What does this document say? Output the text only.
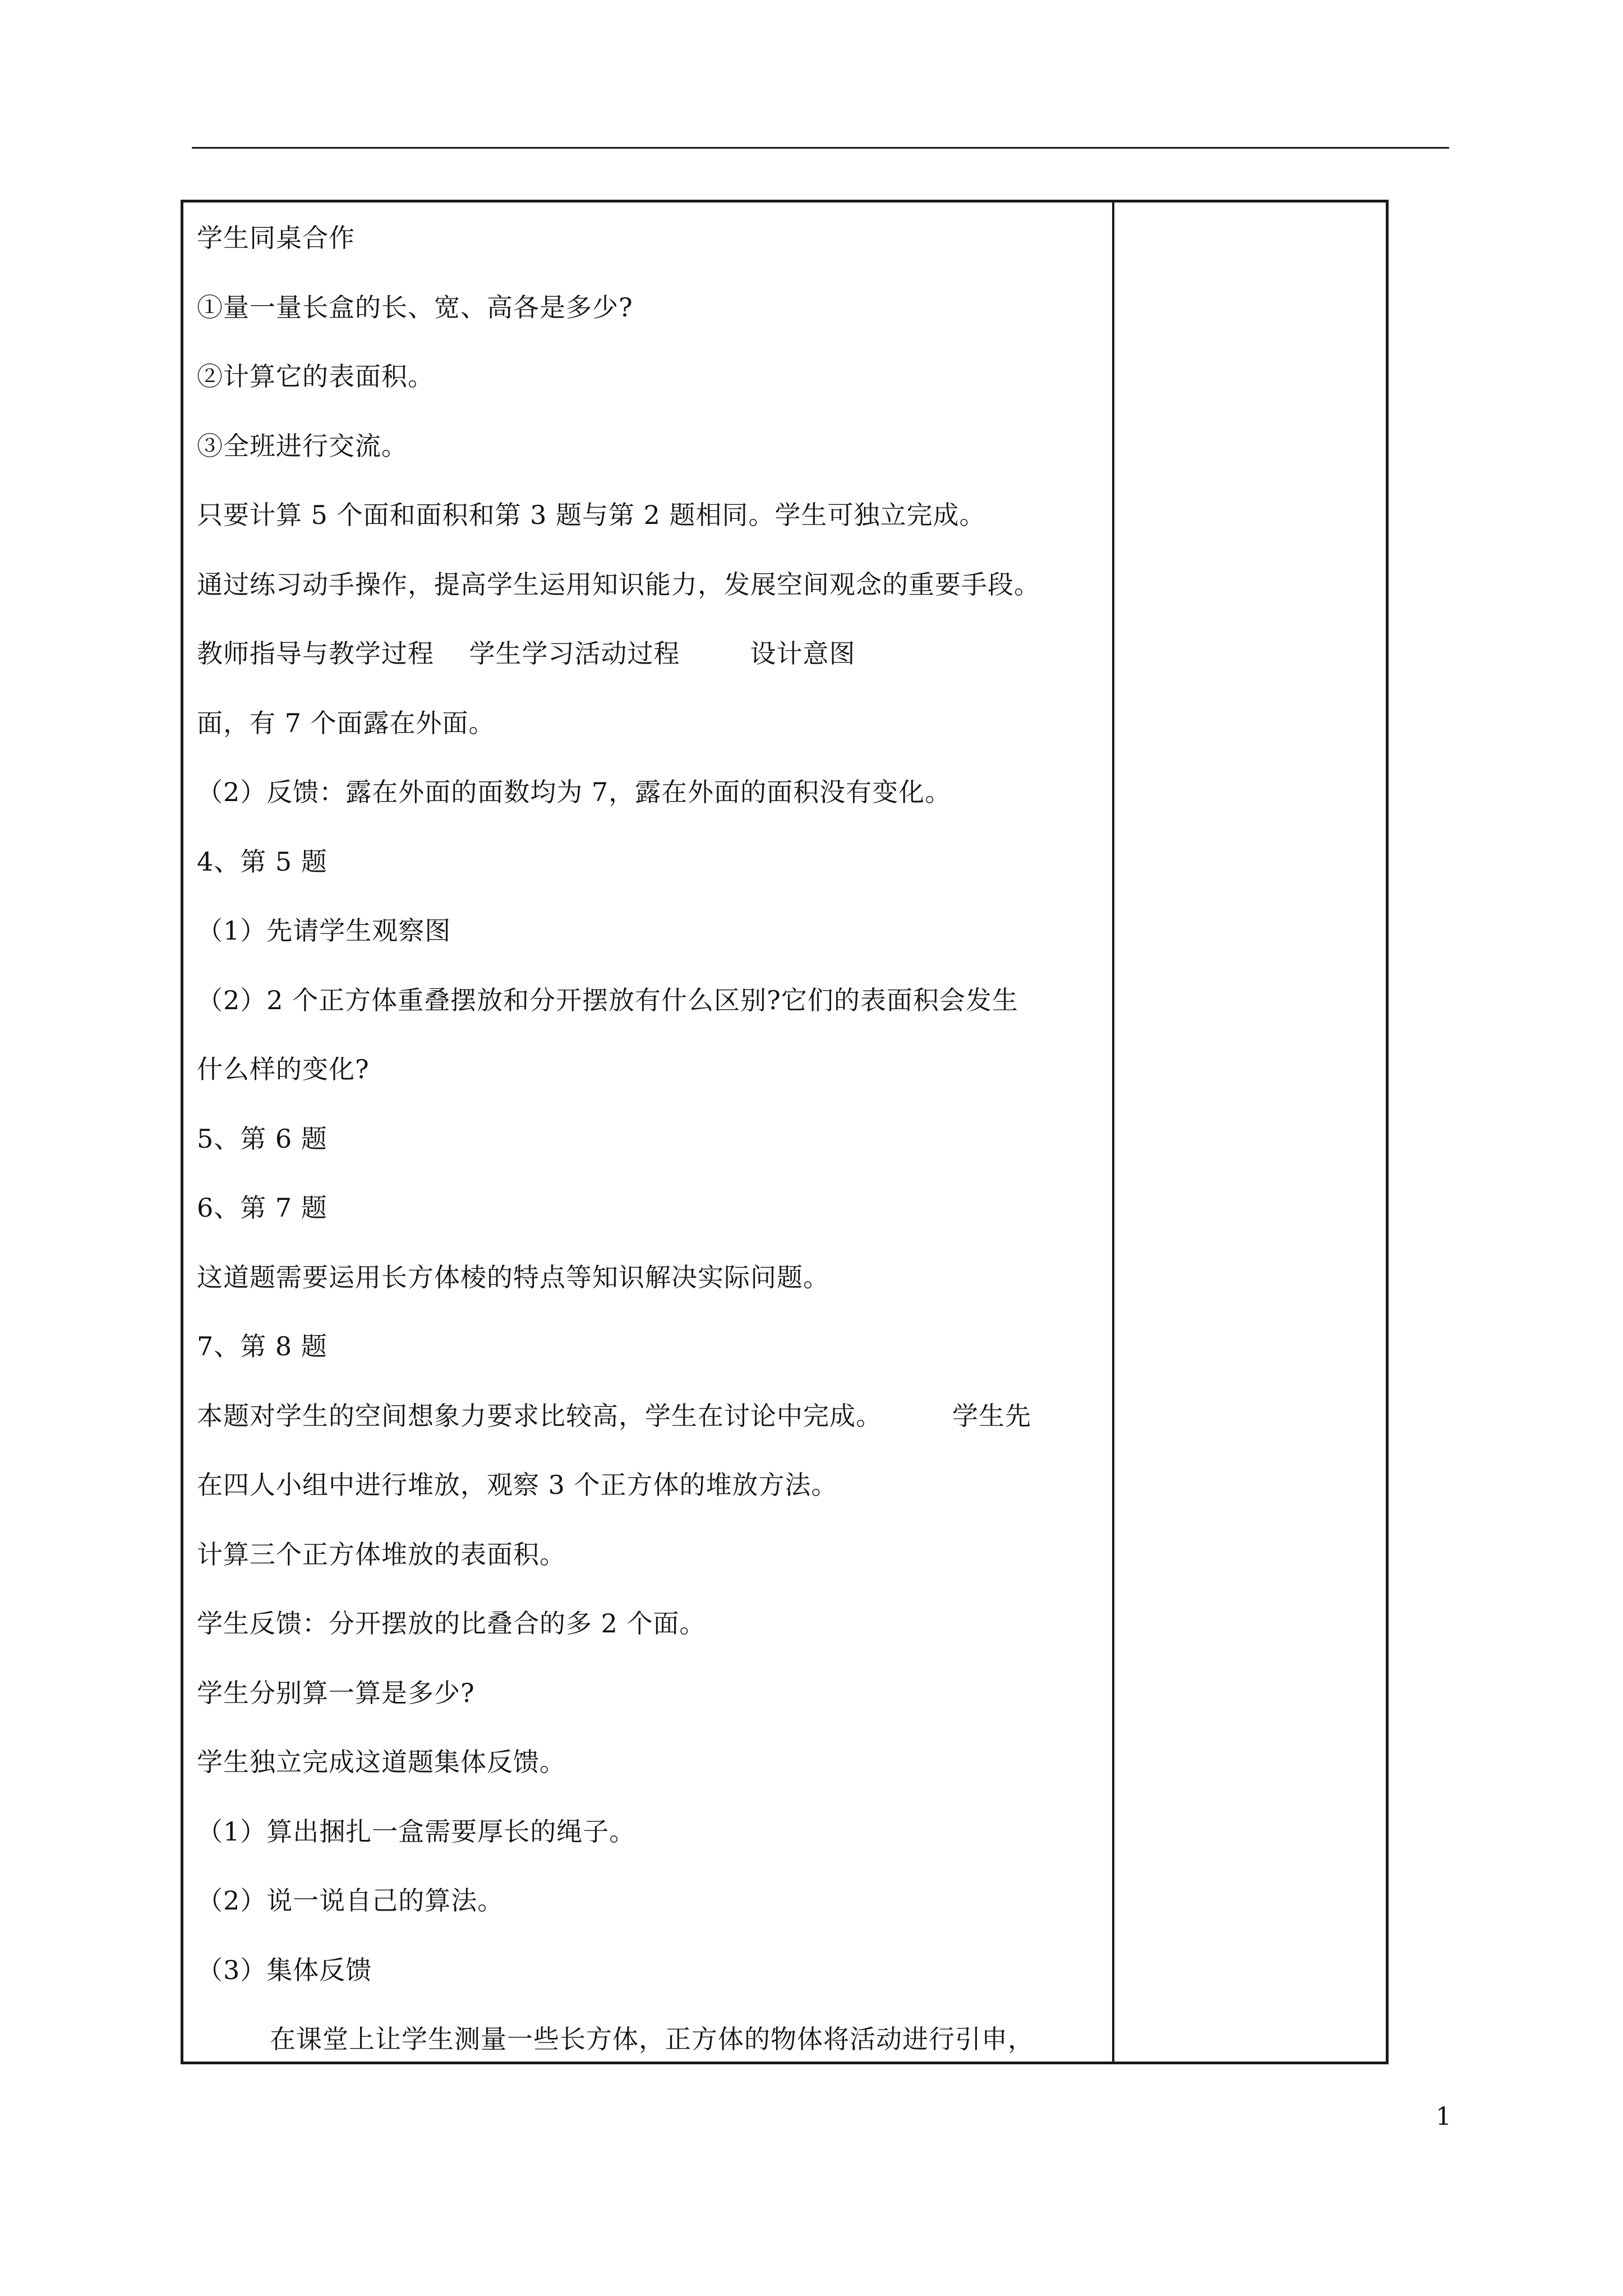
学生同桌合作
①量一量长盒的长、宽、高各是多少?
②计算它的表面积。
③全班进行交流。
只要计算 5 个面和面积和第 3 题与第 2 题相同。学生可独立完成。
通过练习动手操作，提高学生运用知识能力，发展空间观念的重要手段。
教师指导与教学过程    学生学习活动过程        设计意图
面，有 7 个面露在外面。
（2）反馈：露在外面的面数均为 7，露在外面的面积没有变化。
4、第 5 题
（1）先请学生观察图
（2）2 个正方体重叠摆放和分开摆放有什么区别?它们的表面积会发生
什么样的变化?
5、第 6 题
6、第 7 题
这道题需要运用长方体棱的特点等知识解决实际问题。
7、第 8 题
本题对学生的空间想象力要求比较高，学生在讨论中完成。        学生先
在四人小组中进行堆放，观察 3 个正方体的堆放方法。
计算三个正方体堆放的表面积。
学生反馈：分开摆放的比叠合的多 2 个面。
学生分别算一算是多少?
学生独立完成这道题集体反馈。
（1）算出捆扎一盒需要厚长的绳子。
（2）说一说自己的算法。
（3）集体反馈
在课堂上让学生测量一些长方体，正方体的物体将活动进行引申，
1
